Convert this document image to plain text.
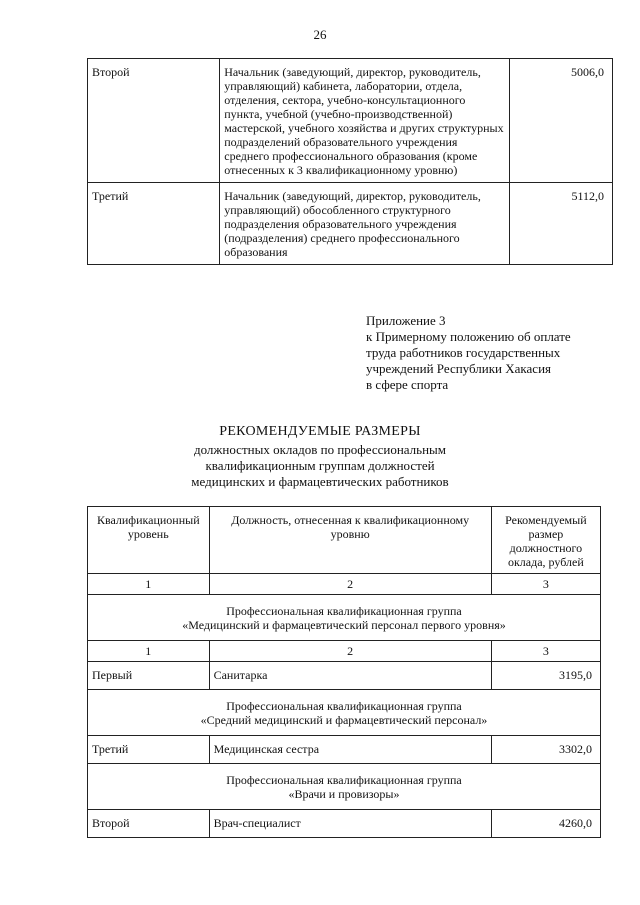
26
Второй	Начальник (заведующий, директор, руководитель, управляющий) кабинета, лаборатории, отдела, отделения, сектора, учебно-консультационного пункта, учебной (учебно-производственной) мастерской, учебного хозяйства и других структурных подразделений образовательного учреждения среднего профессионального образования (кроме отнесенных к 3 квалификационному уровню)	5006,0
Третий	Начальник (заведующий, директор, руководитель, управляющий) обособленного структурного подразделения образовательного учреждения (подразделения) среднего профессионального образования	5112,0
Приложение 3
к Примерному положению об оплате
труда работников государственных
учреждений Республики Хакасия
в сфере спорта
РЕКОМЕНДУЕМЫЕ РАЗМЕРЫ
должностных окладов по профессиональным
квалификационным группам должностей
медицинских и фармацевтических работников
Квалификационный уровень	Должность, отнесенная к квалификационному уровню	Рекомендуемый размер должностного оклада, рублей
1	2	3

Профессиональная квалификационная группа
«Медицинский и фармацевтический персонал первого уровня»		

1	2	3
Первый	Санитарка	3195,0

Профессиональная квалификационная группа
«Средний медицинский и фармацевтический персонал»		

Третий	Медицинская сестра	3302,0

Профессиональная квалификационная группа
«Врачи и провизоры»		

Второй	Врач-специалист	4260,0
